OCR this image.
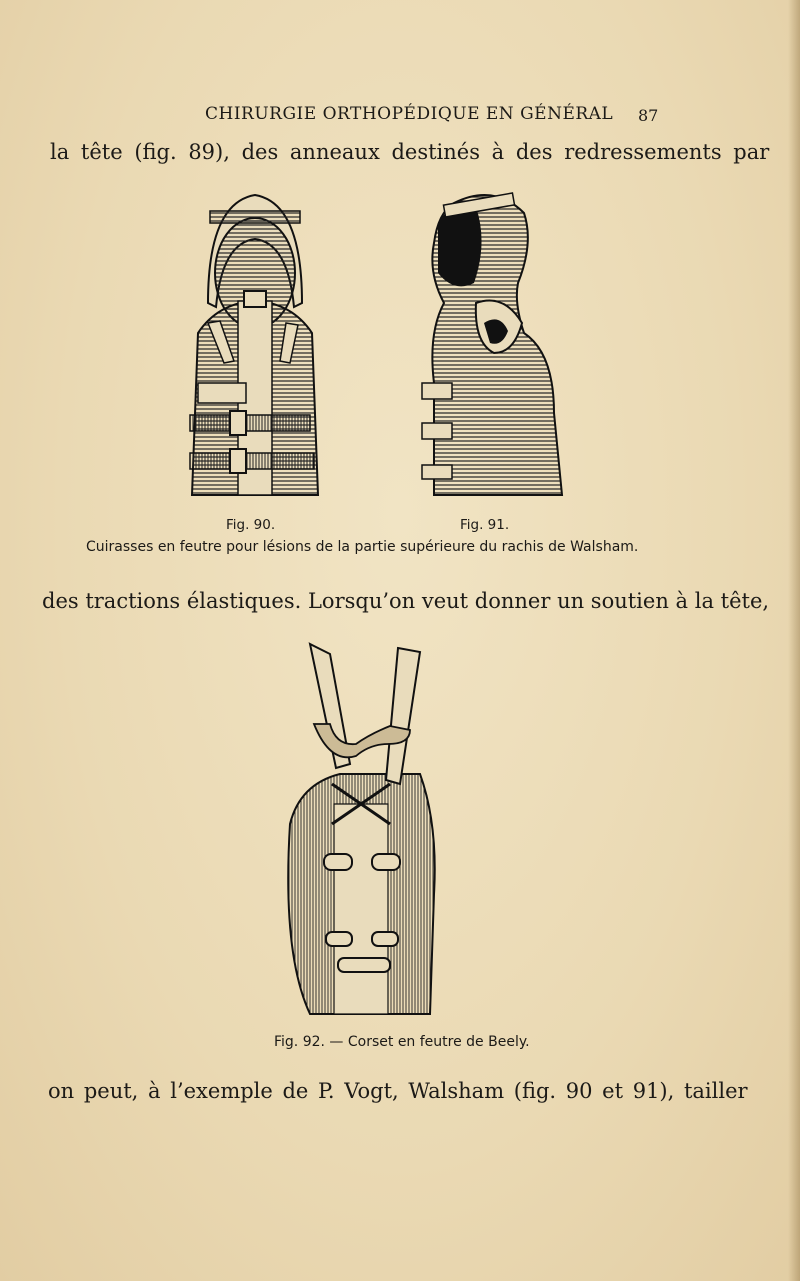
CHIRURGIE ORTHOPÉDIQUE EN GÉNÉRAL 87
la tête (fig. 89), des anneaux destinés à des redressements par
Fig. 90.	Fig. 91.
Cuirasses en feutre pour lésions de la partie supérieure du rachis de Walsham.
des tractions élastiques. Lorsqu’on veut donner un soutien à la tête,
Fig. 92. — Corset en feutre de Beely.
on peut, à l’exemple de P. Vogt, Walsham (fig. 90 et 91), tailler
